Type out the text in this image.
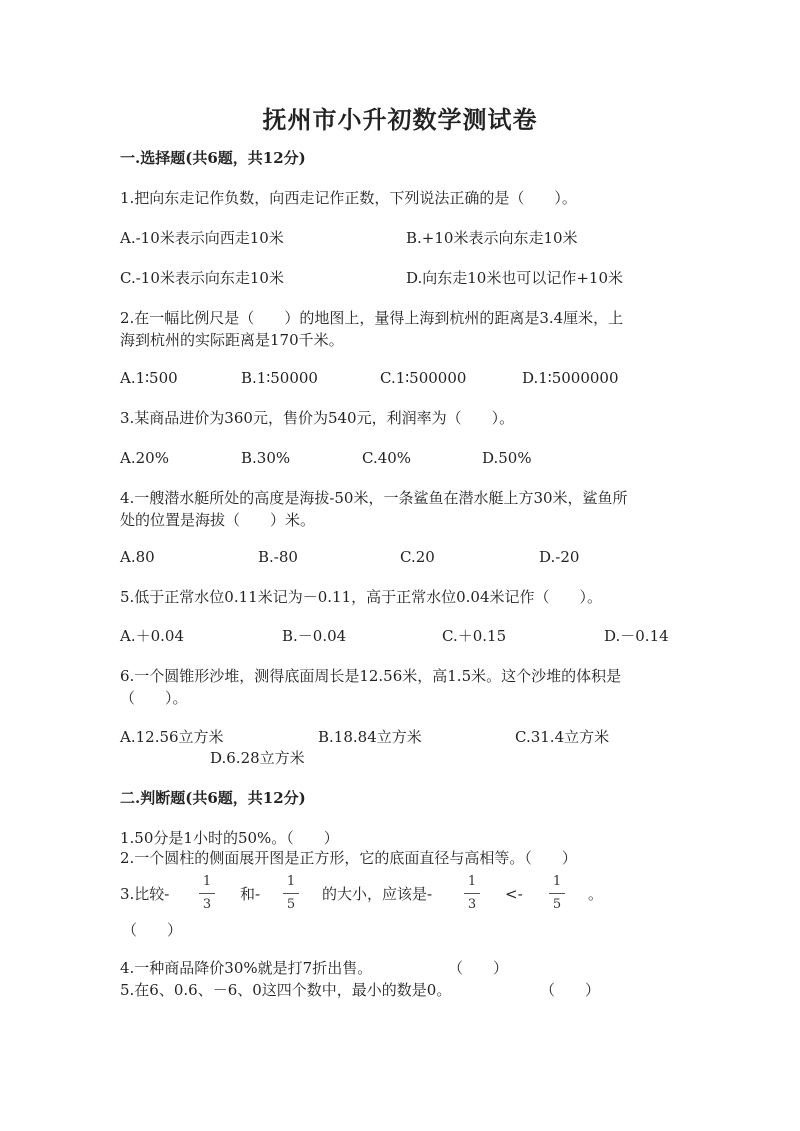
抚州市小升初数学测试卷
一.选择题(共6题，共12分)
1.把向东走记作负数，向西走记作正数，下列说法正确的是（　　）。
A.-10米表示向西走10米	B.+10米表示向东走10米
C.-10米表示向东走10米	D.向东走10米也可以记作+10米
2.在一幅比例尺是（　　）的地图上，量得上海到杭州的距离是3.4厘米，上
海到杭州的实际距离是170千米。
A.1∶500	B.1∶50000	C.1∶500000	D.1∶5000000
3.某商品进价为360元，售价为540元，利润率为（　　）。
A.20%	B.30%	C.40%	D.50%
4.一艘潜水艇所处的高度是海拔-50米，一条鲨鱼在潜水艇上方30米，鲨鱼所
处的位置是海拔（　　）米。
A.80	B.-80	C.20	D.-20
5.低于正常水位0.11米记为－0.11，高于正常水位0.04米记作（　　）。
A.＋0.04	B.－0.04	C.＋0.15	D.－0.14
6.一个圆锥形沙堆，测得底面周长是12.56米，高1.5米。这个沙堆的体积是
（　　）。
A.12.56立方米	B.18.84立方米	C.31.4立方米
D.6.28立方米
二.判断题(共6题，共12分)
1.50分是1小时的50%。（　　）
2.一个圆柱的侧面展开图是正方形，它的底面直径与高相等。（　　）
3.比较-
1
3
和-
1
5
的大小，应该是-
1
3
<-
1
5
。
（　　）
4.一种商品降价30%就是打7折出售。	（　　）
5.在6、0.6、－6、0这四个数中，最小的数是0。	（　　）
